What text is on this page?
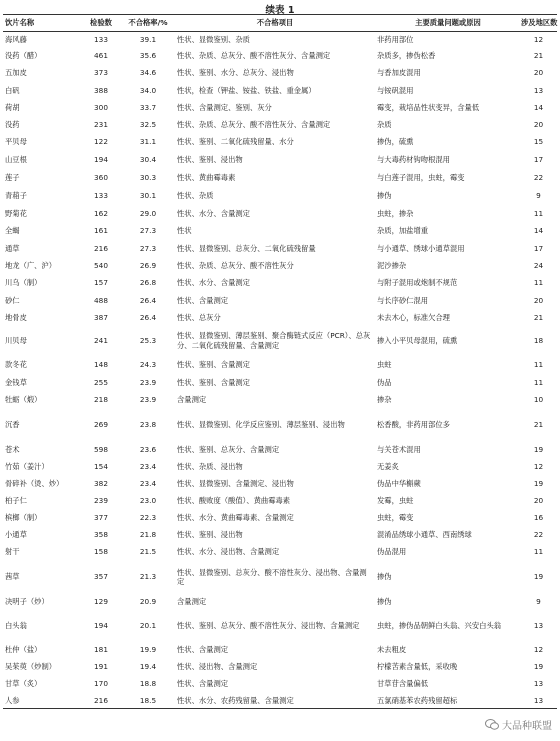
续表 1
饮片名称	检验数	不合格率/%	不合格项目	主要质量问题或原因	涉及地区数
海风藤	133	39.1	性状、显微鉴别、杂质	非药用部位	12
没药（醋）	461	35.6	性状、杂质、总灰分、酸不溶性灰分、含量测定	杂质多，掺伪松香	21
五加皮	373	34.6	性状、鉴别、水分、总灰分、浸出物	与香加皮混用	20
白矾	388	34.0	性状，检查（钾盐、铵盐、铁盐、重金属）	与铵矾混用	13
荷胡	300	33.7	性状、含量测定、鉴别、灰分	霉变，栽培品性状变异，含量低	14
没药	231	32.5	性状、杂质、总灰分、酸不溶性灰分、含量测定	杂质	20
平贝母	122	31.1	性状、鉴别、二氧化硫残留量、水分	掺伪，硫熏	15
山豆根	194	30.4	性状、鉴别、浸出物	与大毒药材钩吻根混用	17
莲子	360	30.3	性状、黄曲霉毒素	与白莲子混用，虫蛀，霉变	22
青葙子	133	30.1	性状、杂质	掺伪	9
野菊花	162	29.0	性状、水分、含量测定	虫蛀，掺杂	11
全蝎	161	27.3	性状	杂质，加盐增重	14
通草	216	27.3	性状、显微鉴别、总灰分、二氧化硫残留量	与小通草、绣球小通草混用	17
地龙（广、沪）	540	26.9	性状、杂质、总灰分、酸不溶性灰分	泥沙掺杂	24
川乌（制）	157	26.8	性状、水分、含量测定	与附子混用或炮制不规范	11
砂仁	488	26.4	性状、含量测定	与长序砂仁混用	20
地骨皮	387	26.4	性状、总灰分	未去木心，标准欠合理	21
川贝母	241	25.3	性状、显微鉴别、薄层鉴别、聚合酶链式反应（PCR）、总灰分、二氧化硫残留量、含量测定	掺入小平贝母混用，硫熏	18
款冬花	148	24.3	性状、鉴别、含量测定	虫蛀	11
金钱草	255	23.9	性状、鉴别、含量测定	伪品	11
牡蛎（煅）	218	23.9	含量测定	掺杂	10
沉香	269	23.8	性状、显微鉴别、化学反应鉴别、薄层鉴别、浸出物	松香酸，非药用部位多	21
苍术	598	23.6	性状、鉴别、总灰分、含量测定	与关苍术混用	19
竹茹（姜汁）	154	23.4	性状、杂质、浸出物	无姜炙	12
骨碎补（烫、炒）	382	23.4	性状、显微鉴别、含量测定、浸出物	伪品中华槲蕨	19
柏子仁	239	23.0	性状、酸败度（酸值）、黄曲霉毒素	发霉，虫蛀	20
槟榔（制）	377	22.3	性状、水分、黄曲霉毒素、含量测定	虫蛀，霉变	16
小通草	358	21.8	性状、鉴别、浸出物	混淆品绣球小通草、西南绣球	22
射干	158	21.5	性状、水分、浸出物、含量测定	伪品混用	11
茜草	357	21.3	性状、显微鉴别、总灰分、酸不溶性灰分、浸出物、含量测定	掺伪	19
决明子（炒）	129	20.9	含量测定	掺伪	9
白头翁	194	20.1	性状、鉴别、总灰分、酸不溶性灰分、浸出物、含量测定	虫蛀，掺伪品朝鲜白头翁、兴安白头翁	13
杜仲（盐）	181	19.9	性状、含量测定	未去粗皮	12
吴茱萸（炒制）	191	19.4	性状、浸出物、含量测定	柠檬苦素含量低，采收晚	19
甘草（炙）	170	18.8	性状、含量测定	甘草苷含量偏低	13
人参	216	18.5	性状、水分、农药残留量、含量测定	五氯硝基苯农药残留超标	13
大品种联盟
